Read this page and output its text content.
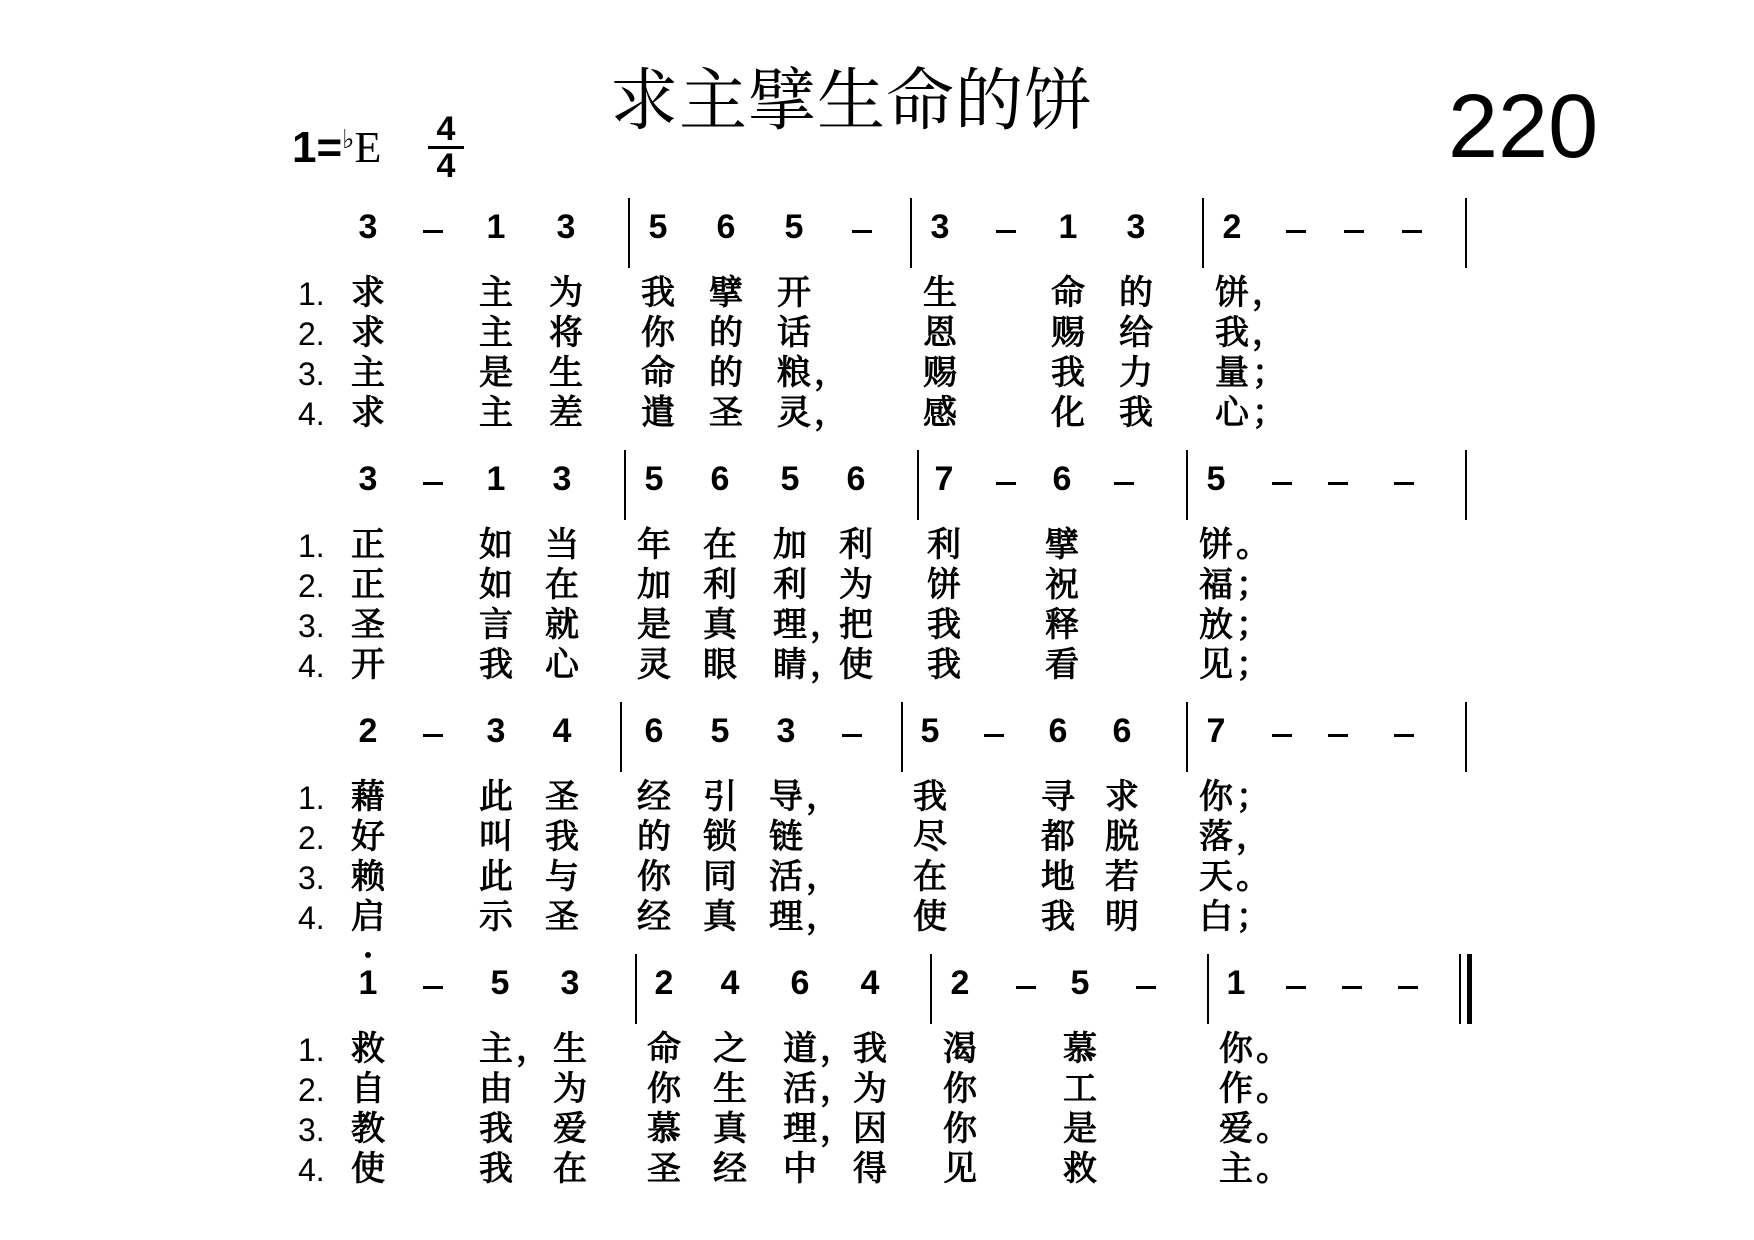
求主擘生命的饼	220
1=♭E 4
4
3	1	3	5	6	5	3	1	3	2
1. 求	主 为 我 擘 开	生	命 的 饼 ，
2. 求	主 将 你 的 话	恩	赐 给 我 ，
3. 主	是 生 命 的 粮 ， 赐	我 力 量 ；
4. 求	主 差 遣 圣 灵 ， 感	化 我 心 ；
3	1	3	5	6	5	6	7	6	5
1. 正	如 当 年 在 加 利 利 擘	饼 。
2. 正	如 在 加 利 利 为 饼 祝	福 ；
3. 圣	言 就 是 真 理 ，
把 我 释	放 ；
4. 开	我 心 灵 眼 睛 ，
使 我 看	见 ；
2	3	4	6	5	3	5	6	6	7
1. 藉	此 圣 经 引 导 ， 我	寻 求 你 ；
2. 好	叫 我 的 锁 链	尽	都 脱 落 ，
3. 赖	此 与 你 同 活 ， 在	地 若 天 。
4. 启	示 圣 经 真 理 ， 使	我 明 白 ；
1	5	3	2	4	6	4	2	5	1
1. 救	主 ， 生 命 之 道 ， 我 渴	慕	你 。
2. 自	由 为 你 生 活 ， 为 你	工	作 。
3. 教	我 爱 慕 真 理 ， 因 你	是	爱 。
4. 使	我 在 圣 经 中 得 见	救	主 。
